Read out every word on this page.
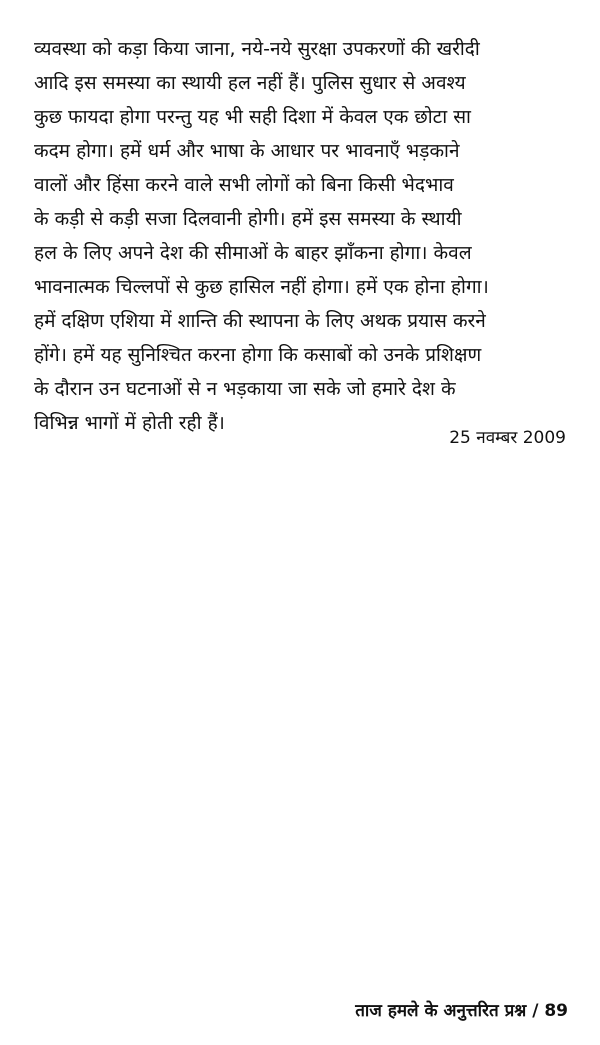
व्यवस्था को कड़ा किया जाना, नये-नये सुरक्षा उपकरणों की खरीदी
आदि इस समस्या का स्थायी हल नहीं हैं। पुलिस सुधार से अवश्य
कुछ फायदा होगा परन्तु यह भी सही दिशा में केवल एक छोटा सा
कदम होगा। हमें धर्म और भाषा के आधार पर भावनाएँ भड़काने
वालों और हिंसा करने वाले सभी लोगों को बिना किसी भेदभाव
के कड़ी से कड़ी सजा दिलवानी होगी। हमें इस समस्या के स्थायी
हल के लिए अपने देश की सीमाओं के बाहर झाँकना होगा। केवल
भावनात्मक चिल्लपों से कुछ हासिल नहीं होगा। हमें एक होना होगा।
हमें दक्षिण एशिया में शान्ति की स्थापना के लिए अथक प्रयास करने
होंगे। हमें यह सुनिश्चित करना होगा कि कसाबों को उनके प्रशिक्षण
के दौरान उन घटनाओं से न भड़काया जा सके जो हमारे देश के
विभिन्न भागों में होती रही हैं।
25 नवम्बर 2009
ताज हमले के अनुत्तरित प्रश्न / 89
